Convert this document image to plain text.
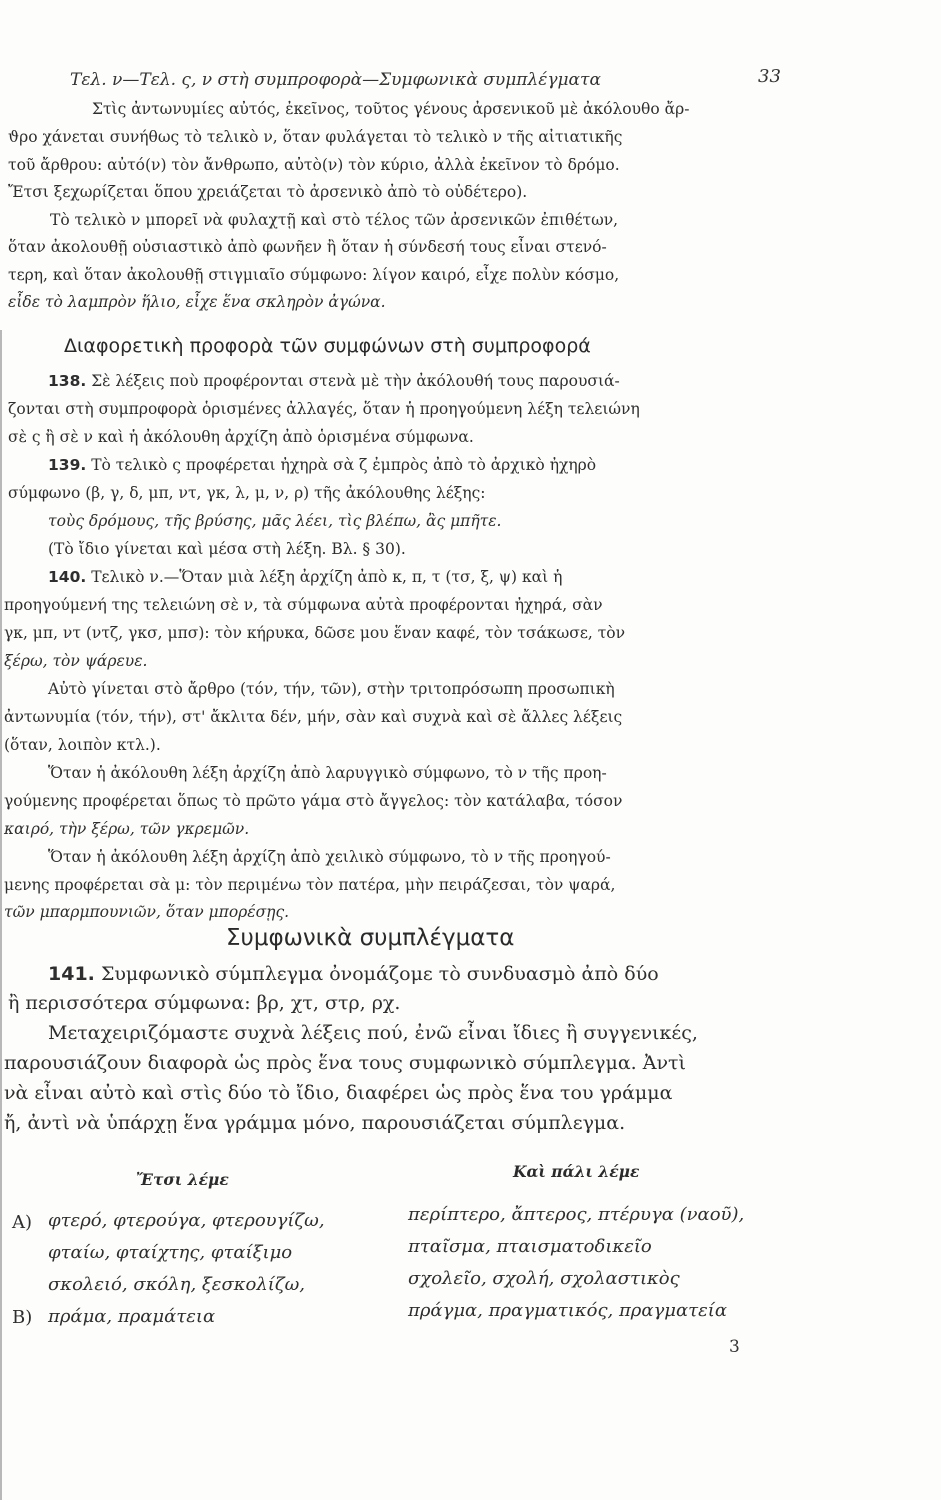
Τελ. ν—Τελ. ς, ν στὴ συμπροφορὰ—Συμφωνικὰ συμπλέγματα	33
Στὶς ἀντωνυμίες αὐτός, ἐκεῖνος, τοῦτος γένους ἀρσενικοῦ μὲ ἀκόλουθο ἄρ-
ϑρο χάνεται συνήθως τὸ τελικὸ ν, ὅταν φυλάγεται τὸ τελικὸ ν τῆς αἰτιατικῆς
τοῦ ἄρθρου: αὐτό(ν) τὸν ἄνθρωπο, αὐτὸ(ν) τὸν κύριο, ἀλλὰ ἐκεῖνον τὸ δρόμο.
Ἔτσι ξεχωρίζεται ὅπου χρειάζεται τὸ ἀρσενικὸ ἀπὸ τὸ οὐδέτερο).
Τὸ τελικὸ ν μπορεῖ νὰ φυλαχτῇ καὶ στὸ τέλος τῶν ἀρσενικῶν ἐπιθέτων,
ὅταν ἀκολουθῇ οὐσιαστικὸ ἀπὸ φωνῆεν ἢ ὅταν ἡ σύνδεσή τους εἶναι στενό-
τερη, καὶ ὅταν ἀκολουθῇ στιγμιαῖο σύμφωνο: λίγον καιρό, εἶχε πολὺν κόσμο,
εἶδε τὸ λαμπρὸν ἥλιο, εἶχε ἕνα σκληρὸν ἀγώνα.
Διαφορετικὴ προφορὰ τῶν συμφώνων στὴ συμπροφορά
138. Σὲ λέξεις ποὺ προφέρονται στενὰ μὲ τὴν ἀκόλουθή τους παρουσιά-
ζονται στὴ συμπροφορὰ ὁρισμένες ἀλλαγές, ὅταν ἡ προηγούμενη λέξη τελειώνη
σὲ ς ἢ σὲ ν καὶ ἡ ἀκόλουθη ἀρχίζη ἀπὸ ὁρισμένα σύμφωνα.
139. Τὸ τελικὸ ς προφέρεται ἠχηρὰ σὰ ζ ἐμπρὸς ἀπὸ τὸ ἀρχικὸ ἠχηρὸ
σύμφωνο (β, γ, δ, μπ, ντ, γκ, λ, μ, ν, ρ) τῆς ἀκόλουθης λέξης:
τοὺς δρόμους, τῆς βρύσης, μᾶς λέει, τὶς βλέπω, ἂς μπῆτε.
(Τὸ ἴδιο γίνεται καὶ μέσα στὴ λέξη. Βλ. § 30).
140. Τελικὸ ν.—Ὅταν μιὰ λέξη ἀρχίζη ἀπὸ κ, π, τ (τσ, ξ, ψ) καὶ ἡ
προηγούμενή της τελειώνη σὲ ν, τὰ σύμφωνα αὐτὰ προφέρονται ἠχηρά, σὰν
γκ, μπ, ντ (ντζ, γκσ, μπσ): τὸν κήρυκα, δῶσε μου ἕναν καφέ, τὸν τσάκωσε, τὸν
ξέρω, τὸν ψάρευε.
Αὐτὸ γίνεται στὸ ἄρθρο (τόν, τήν, τῶν), στὴν τριτοπρόσωπη προσωπικὴ
ἀντωνυμία (τόν, τήν), στ' ἄκλιτα δέν, μήν, σὰν καὶ συχνὰ καὶ σὲ ἄλλες λέξεις
(ὅταν, λοιπὸν κτλ.).
Ὅταν ἡ ἀκόλουθη λέξη ἀρχίζη ἀπὸ λαρυγγικὸ σύμφωνο, τὸ ν τῆς προη-
γούμενης προφέρεται ὅπως τὸ πρῶτο γάμα στὸ ἄγγελος: τὸν κατάλαβα, τόσον
καιρό, τὴν ξέρω, τῶν γκρεμῶν.
Ὅταν ἡ ἀκόλουθη λέξη ἀρχίζη ἀπὸ χειλικὸ σύμφωνο, τὸ ν τῆς προηγού-
μενης προφέρεται σὰ μ: τὸν περιμένω τὸν πατέρα, μὴν πειράζεσαι, τὸν ψαρά,
τῶν μπαρμπουνιῶν, ὅταν μπορέσῃς.
Συμφωνικὰ συμπλέγματα
141. Συμφωνικὸ σύμπλεγμα ὀνομάζομε τὸ συνδυασμὸ ἀπὸ δύο
ἢ περισσότερα σύμφωνα: βρ, χτ, στρ, ρχ.
Μεταχειριζόμαστε συχνὰ λέξεις πού, ἐνῶ εἶναι ἴδιες ἢ συγγενικές,
παρουσιάζουν διαφορὰ ὡς πρὸς ἕνα τους συμφωνικὸ σύμπλεγμα. Ἀντὶ
νὰ εἶναι αὐτὸ καὶ στὶς δύο τὸ ἴδιο, διαφέρει ὡς πρὸς ἕνα του γράμμα
ἤ, ἀντὶ νὰ ὑπάρχῃ ἕνα γράμμα μόνο, παρουσιάζεται σύμπλεγμα.
Ἔτσι λέμε	Καὶ πάλι λέμε
Α)
Β)
φτερό, φτερούγα, φτερουγίζω,
φταίω, φταίχτης, φταίξιμο
σκολειό, σκόλη, ξεσκολίζω,
πράμα, πραμάτεια
περίπτερο, ἄπτερος, πτέρυγα (ναοῦ),
πταῖσμα, πταισματοδικεῖο
σχολεῖο, σχολή, σχολαστικὸς
πράγμα, πραγματικός, πραγματεία
3
